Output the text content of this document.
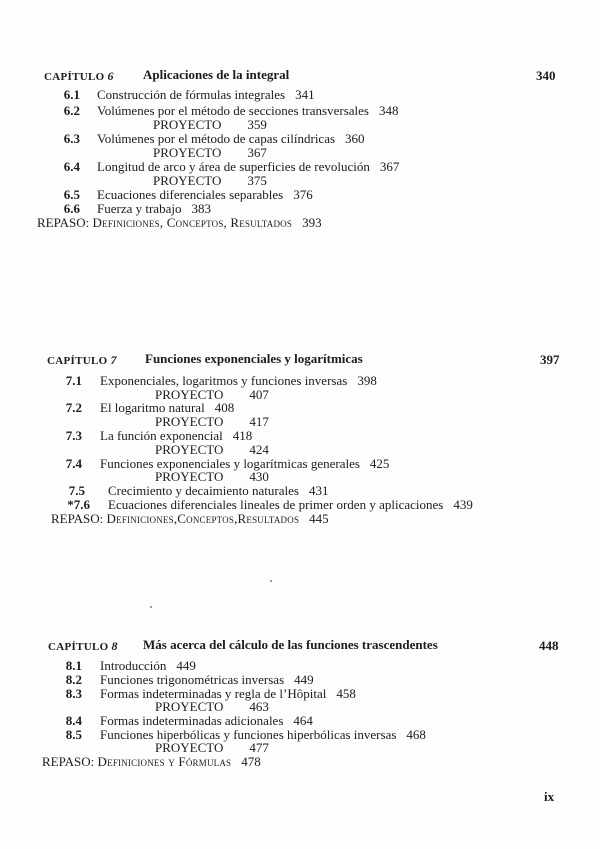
CAPÍTULO 6 Aplicaciones de la integral	340
6.1 Construcción de fórmulas integrales 341
6.2 Volúmenes por el método de secciones transversales 348
PROYECTO 359
6.3 Volúmenes por el método de capas cilíndricas 360
PROYECTO 367
6.4 Longitud de arco y área de superficies de revolución 367
PROYECTO 375
6.5 Ecuaciones diferenciales separables 376
6.6 Fuerza y trabajo 383
REPASO: Definiciones, Conceptos, Resultados 393
CAPÍTULO 7 Funciones exponenciales y logarítmicas	397
7.1 Exponenciales, logaritmos y funciones inversas 398
PROYECTO 407
7.2 El logaritmo natural 408
PROYECTO 417
7.3 La función exponencial 418
PROYECTO 424
7.4 Funciones exponenciales y logarítmicas generales 425
PROYECTO 430
7.5 Crecimiento y decaimiento naturales 431
*7.6 Ecuaciones diferenciales lineales de primer orden y aplicaciones 439
REPASO: Definiciones,Conceptos,Resultados 445
CAPÍTULO 8 Más acerca del cálculo de las funciones trascendentes	448
8.1 Introducción 449
8.2 Funciones trigonométricas inversas 449
8.3 Formas indeterminadas y regla de l’Hôpital 458
PROYECTO 463
8.4 Formas indeterminadas adicionales 464
8.5 Funciones hiperbólicas y funciones hiperbólicas inversas 468
PROYECTO 477
REPASO: Definiciones y Fórmulas 478
ix
